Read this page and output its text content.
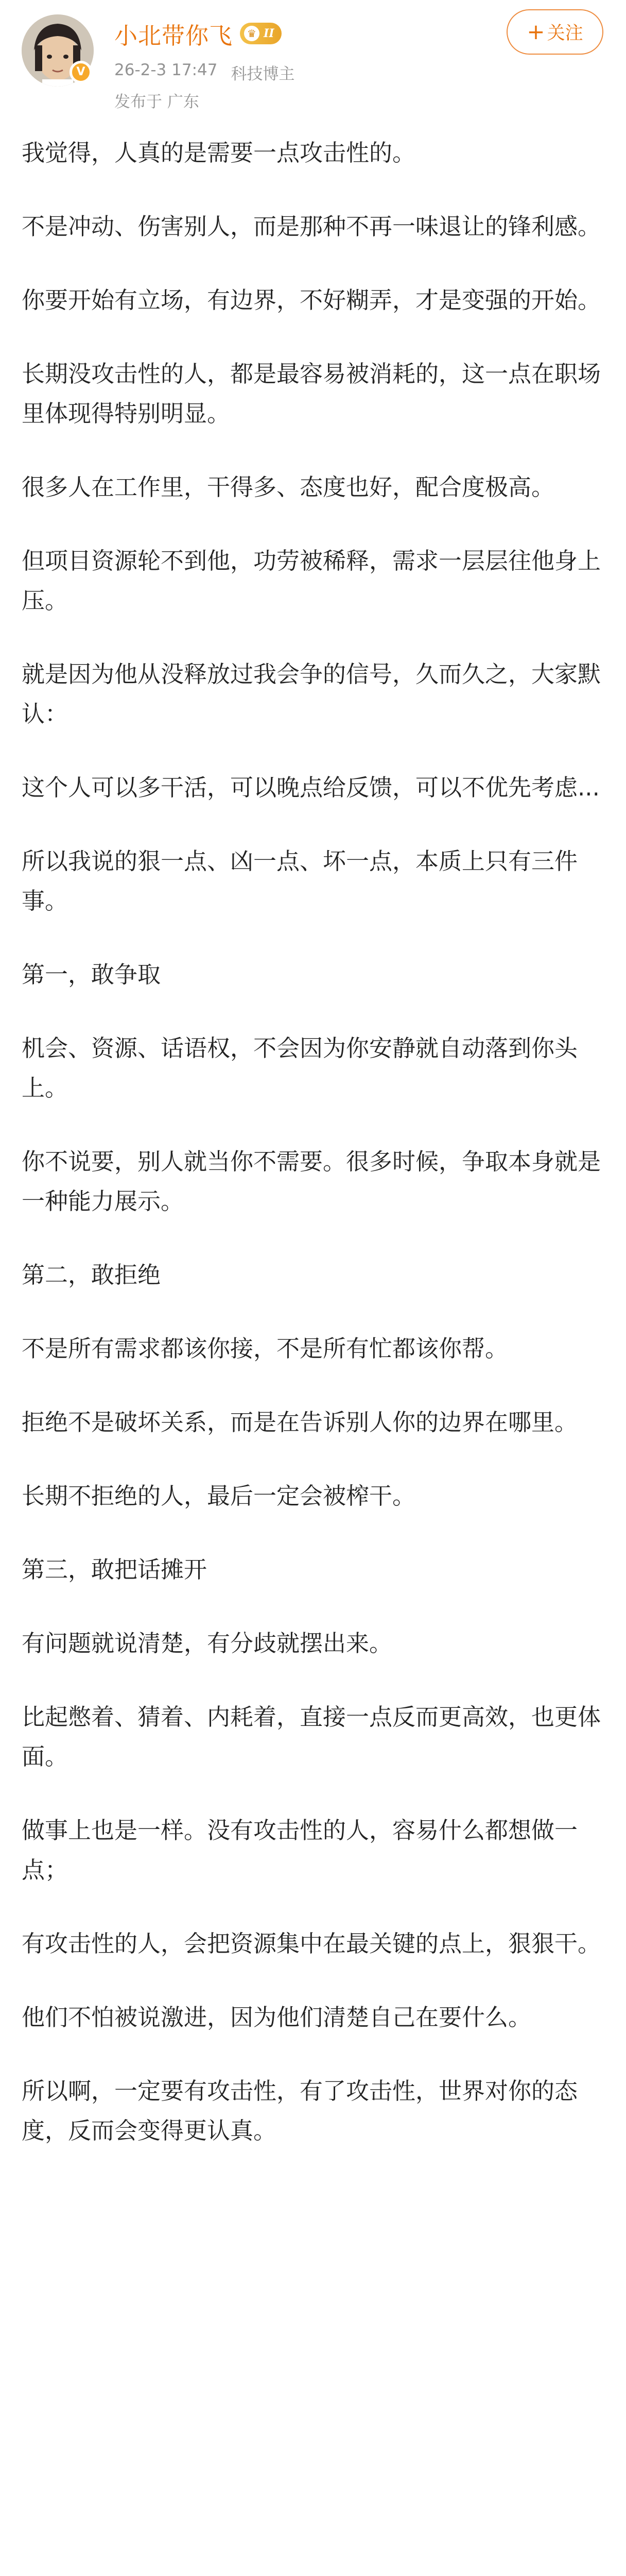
V
小北带你飞	♛ II
26-2-3 17:47 科技博主
发布于 广东
+ 关注

我觉得，人真的是需要一点攻击性的。

不是冲动、伤害别人，而是那种不再一味退让的锋利感。

你要开始有立场，有边界，不好糊弄，才是变强的开始。

长期没攻击性的人，都是最容易被消耗的，这一点在职场里体现得特别明显。

很多人在工作里，干得多、态度也好，配合度极高。

但项目资源轮不到他，功劳被稀释，需求一层层往他身上压。

就是因为他从没释放过我会争的信号，久而久之，大家默认：

这个人可以多干活，可以晚点给反馈，可以不优先考虑...

所以我说的狠一点、凶一点、坏一点，本质上只有三件事。

第一，敢争取

机会、资源、话语权，不会因为你安静就自动落到你头上。

你不说要，别人就当你不需要。很多时候，争取本身就是一种能力展示。

第二，敢拒绝

不是所有需求都该你接，不是所有忙都该你帮。

拒绝不是破坏关系，而是在告诉别人你的边界在哪里。

长期不拒绝的人，最后一定会被榨干。

第三，敢把话摊开

有问题就说清楚，有分歧就摆出来。

比起憋着、猜着、内耗着，直接一点反而更高效，也更体面。

做事上也是一样。没有攻击性的人，容易什么都想做一点；

有攻击性的人，会把资源集中在最关键的点上，狠狠干。

他们不怕被说激进，因为他们清楚自己在要什么。

所以啊，一定要有攻击性，有了攻击性，世界对你的态度，反而会变得更认真。
